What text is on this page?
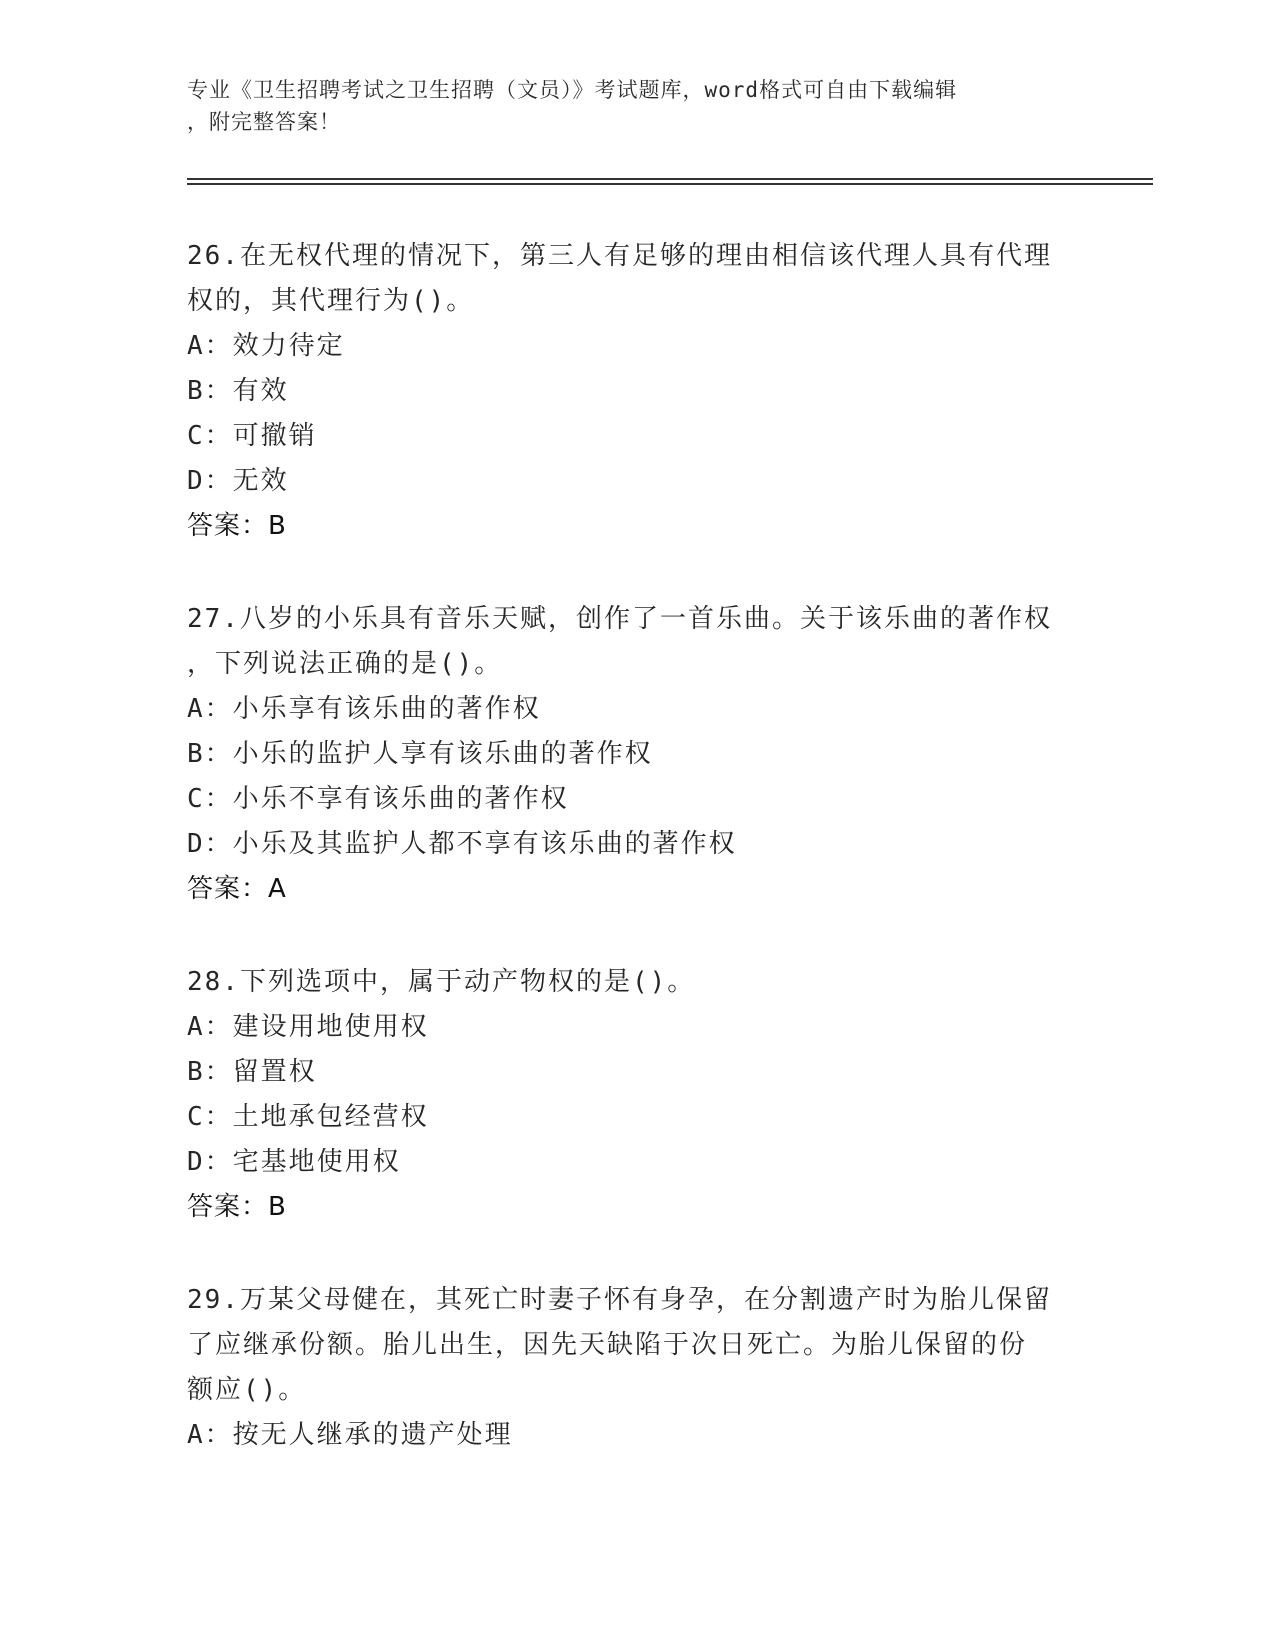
专业《卫生招聘考试之卫生招聘（文员）》考试题库，word格式可自由下载编辑
，附完整答案！

26.在无权代理的情况下，第三人有足够的理由相信该代理人具有代理

权的，其代理行为()。

A：效力待定

B：有效

C：可撤销

D：无效

答案：B

27.八岁的小乐具有音乐天赋，创作了一首乐曲。关于该乐曲的著作权

，下列说法正确的是()。

A：小乐享有该乐曲的著作权

B：小乐的监护人享有该乐曲的著作权

C：小乐不享有该乐曲的著作权

D：小乐及其监护人都不享有该乐曲的著作权

答案：A

28.下列选项中，属于动产物权的是()。

A：建设用地使用权

B：留置权

C：土地承包经营权

D：宅基地使用权

答案：B

29.万某父母健在，其死亡时妻子怀有身孕，在分割遗产时为胎儿保留

了应继承份额。胎儿出生，因先天缺陷于次日死亡。为胎儿保留的份

额应()。

A：按无人继承的遗产处理
